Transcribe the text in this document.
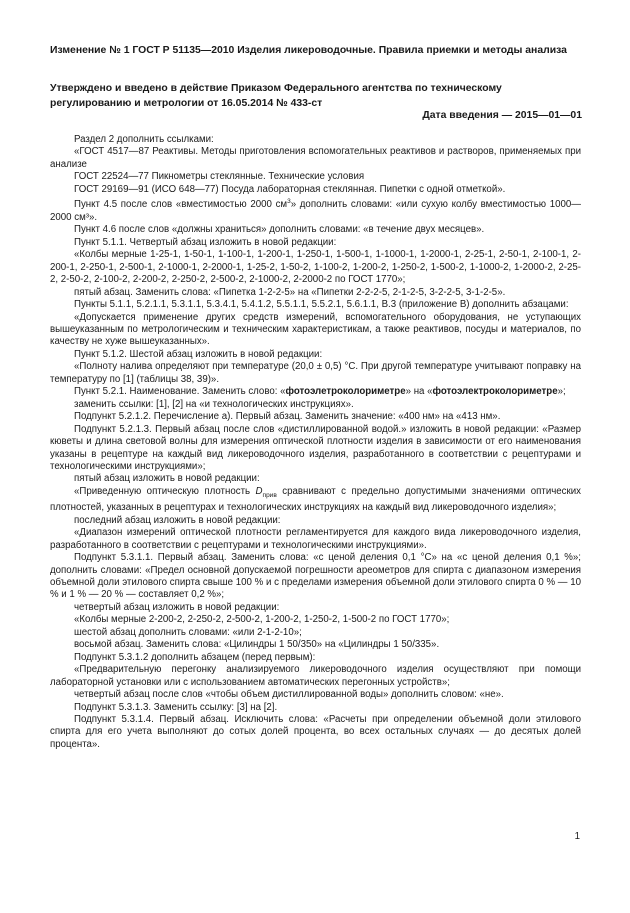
Изменение № 1 ГОСТ Р 51135—2010 Изделия ликероводочные. Правила приемки и методы анализа
Утверждено и введено в действие Приказом Федерального агентства по техническому регулированию и метрологии от 16.05.2014 № 433-ст
Дата введения — 2015—01—01

Раздел 2 дополнить ссылками:

«ГОСТ 4517—87 Реактивы. Методы приготовления вспомогательных реактивов и растворов, применяемых при анализе

ГОСТ 22524—77 Пикнометры стеклянные. Технические условия

ГОСТ 29169—91 (ИСО 648—77) Посуда лабораторная стеклянная. Пипетки с одной отметкой».

Пункт 4.5 после слов «вместимостью 2000 $см^3$» дополнить словами: «или сухую колбу вместимостью 1000—2000 см³».

Пункт 4.6 после слов «должны храниться» дополнить словами: «в течение двух месяцев».

Пункт 5.1.1. Четвертый абзац изложить в новой редакции:

«Колбы мерные 1-25-1, 1-50-1, 1-100-1, 1-200-1, 1-250-1, 1-500-1, 1-1000-1, 1-2000-1, 2-25-1, 2-50-1, 2-100-1, 2-200-1, 2-250-1, 2-500-1, 2-1000-1, 2-2000-1, 1-25-2, 1-50-2, 1-100-2, 1-200-2, 1-250-2, 1-500-2, 1-1000-2, 1-2000-2, 2-25-2, 2-50-2, 2-100-2, 2-200-2, 2-250-2, 2-500-2, 2-1000-2, 2-2000-2 по ГОСТ 1770»;

пятый абзац. Заменить слова: «Пипетка 1-2-2-5» на «Пипетки 2-2-2-5, 2-1-2-5, 3-2-2-5, 3-1-2-5».

Пункты 5.1.1, 5.2.1.1, 5.3.1.1, 5.3.4.1, 5.4.1.2, 5.5.1.1, 5.5.2.1, 5.6.1.1, В.3 (приложение В) дополнить абзацами:

«Допускается применение других средств измерений, вспомогательного оборудования, не уступающих вышеуказанным по метрологическим и техническим характеристикам, а также реактивов, посуды и материалов, по качеству не хуже вышеуказанных».

Пункт 5.1.2. Шестой абзац изложить в новой редакции:

«Полноту налива определяют при температуре (20,0 ± 0,5) °С. При другой температуре учитывают поправку на температуру по [1] (таблицы 38, 39)».

Пункт 5.2.1. Наименование. Заменить слово: «фотоэлетроколориметре» на «фотоэлектроколориметре»;

заменить ссылки: [1], [2] на «и технологических инструкциях».

Подпункт 5.2.1.2. Перечисление а). Первый абзац. Заменить значение: «400 нм» на «413 нм».

Подпункт 5.2.1.3. Первый абзац после слов «дистиллированной водой.» изложить в новой редакции: «Размер кюветы и длина световой волны для измерения оптической плотности изделия в зависимости от его наименования указаны в рецептуре на каждый вид ликероводочного изделия, разработанного в соответствии с рецептурами и технологическими инструкциями»;

пятый абзац изложить в новой редакции:

«Приведенную оптическую плотность $D_{прив}$ сравнивают с предельно допустимыми значениями оптических плотностей, указанных в рецептурах и технологических инструкциях на каждый вид ликероводочного изделия»;

последний абзац изложить в новой редакции:

«Диапазон измерений оптической плотности регламентируется для каждого вида ликероводочного изделия, разработанного в соответствии с рецептурами и технологическими инструкциями».

Подпункт 5.3.1.1. Первый абзац. Заменить слова: «с ценой деления 0,1 °С» на «с ценой деления 0,1 %»; дополнить словами: «Предел основной допускаемой погрешности ареометров для спирта с диапазоном измерения объемной доли этилового спирта свыше 100 % и с пределами измерения объемной доли этилового спирта 0 % — 10 % и 1 % — 20 % — составляет 0,2 %»;

четвертый абзац изложить в новой редакции:

«Колбы мерные 2-200-2, 2-250-2, 2-500-2, 1-200-2, 1-250-2, 1-500-2 по ГОСТ 1770»;

шестой абзац дополнить словами: «или 2-1-2-10»;

восьмой абзац. Заменить слова: «Цилиндры 1 50/350» на «Цилиндры 1 50/335».

Подпункт 5.3.1.2 дополнить абзацем (перед первым):

«Предварительную перегонку анализируемого ликероводочного изделия осуществляют при помощи лабораторной установки или с использованием автоматических перегонных устройств»;

четвертый абзац после слов «чтобы объем дистиллированной воды» дополнить словом: «не».

Подпункт 5.3.1.3. Заменить ссылку: [3] на [2].

Подпункт 5.3.1.4. Первый абзац. Исключить слова: «Расчеты при определении объемной доли этилового спирта для его учета выполняют до сотых долей процента, во всех остальных случаях — до десятых долей процента».

1
